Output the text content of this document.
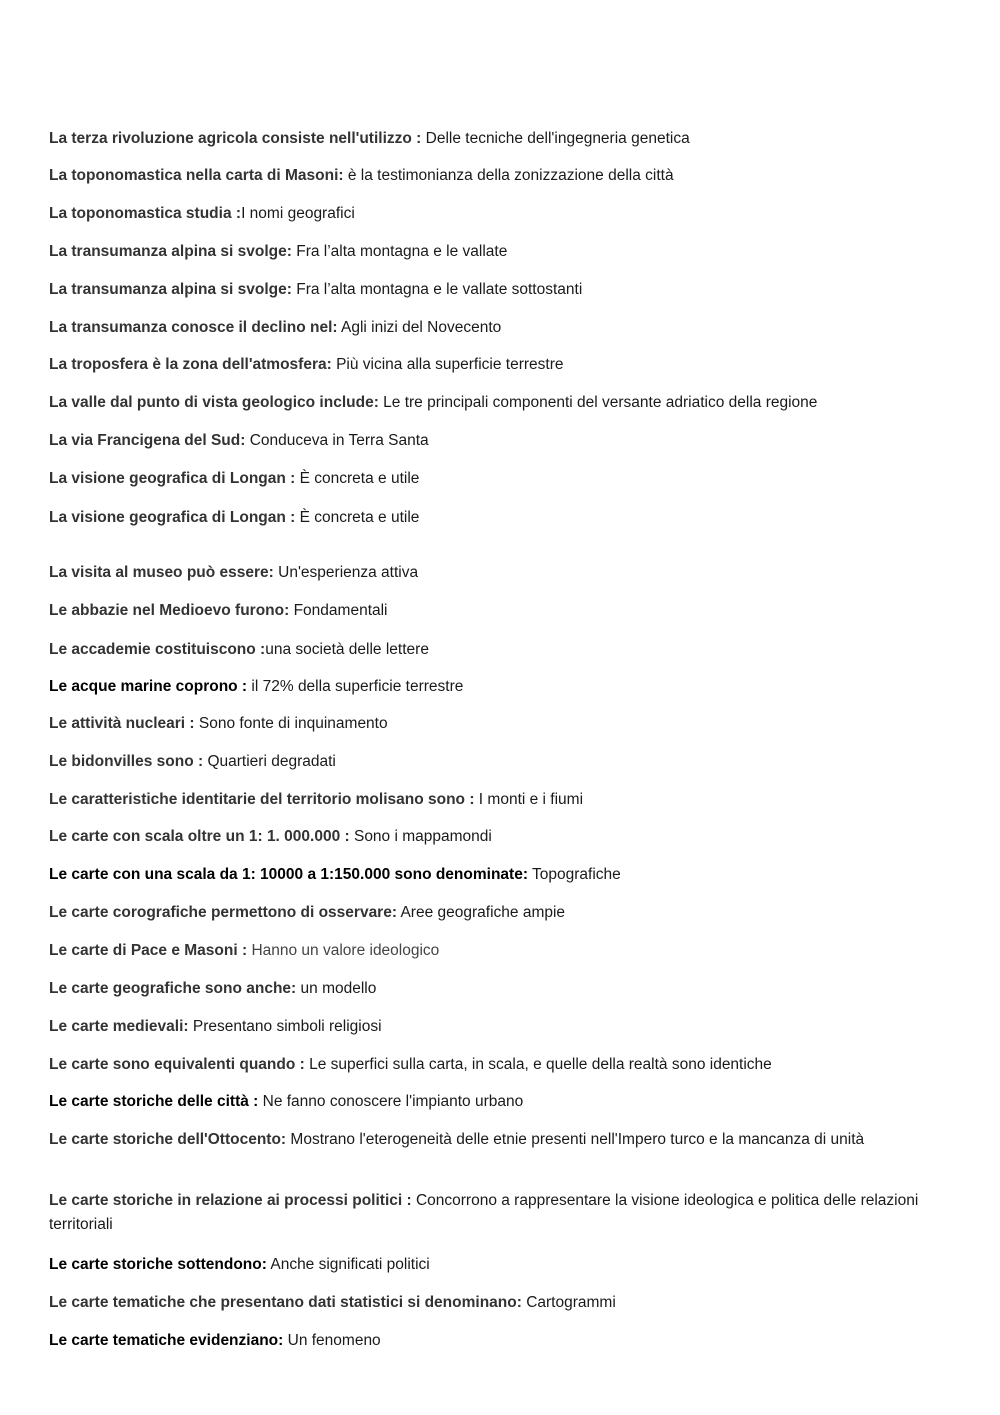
La terza rivoluzione agricola consiste nell'utilizzo : Delle tecniche dell'ingegneria genetica

La toponomastica nella carta di Masoni: è la testimonianza della zonizzazione della città

La toponomastica studia :I nomi geografici

La transumanza alpina si svolge: Fra l’alta montagna e le vallate

La transumanza alpina si svolge: Fra l’alta montagna e le vallate sottostanti

La transumanza conosce il declino nel: Agli inizi del Novecento

La troposfera è la zona dell'atmosfera: Più vicina alla superficie terrestre

La valle dal punto di vista geologico include: Le tre principali componenti del versante adriatico della regione

La via Francigena del Sud: Conduceva in Terra Santa

La visione geografica di Longan : È concreta e utile

La visione geografica di Longan : È concreta e utile

La visita al museo può essere: Un'esperienza attiva

Le abbazie nel Medioevo furono: Fondamentali

Le accademie costituiscono :una società delle lettere

Le acque marine coprono : il 72% della superficie terrestre

Le attività nucleari : Sono fonte di inquinamento

Le bidonvilles sono : Quartieri degradati

Le caratteristiche identitarie del territorio molisano sono : I monti e i fiumi

Le carte con scala oltre un 1: 1. 000.000 : Sono i mappamondi

Le carte con una scala da 1: 10000 a 1:150.000 sono denominate: Topografiche

Le carte corografiche permettono di osservare: Aree geografiche ampie

Le carte di Pace e Masoni : Hanno un valore ideologico

Le carte geografiche sono anche: un modello

Le carte medievali: Presentano simboli religiosi

Le carte sono equivalenti quando : Le superfici sulla carta, in scala, e quelle della realtà sono identiche

Le carte storiche delle città : Ne fanno conoscere l'impianto urbano

Le carte storiche dell'Ottocento: Mostrano l'eterogeneità delle etnie presenti nell'Impero turco e la mancanza di unità

Le carte storiche in relazione ai processi politici : Concorrono a rappresentare la visione ideologica e politica delle relazioni territoriali

Le carte storiche sottendono: Anche significati politici

Le carte tematiche che presentano dati statistici si denominano: Cartogrammi

Le carte tematiche evidenziano: Un fenomeno
